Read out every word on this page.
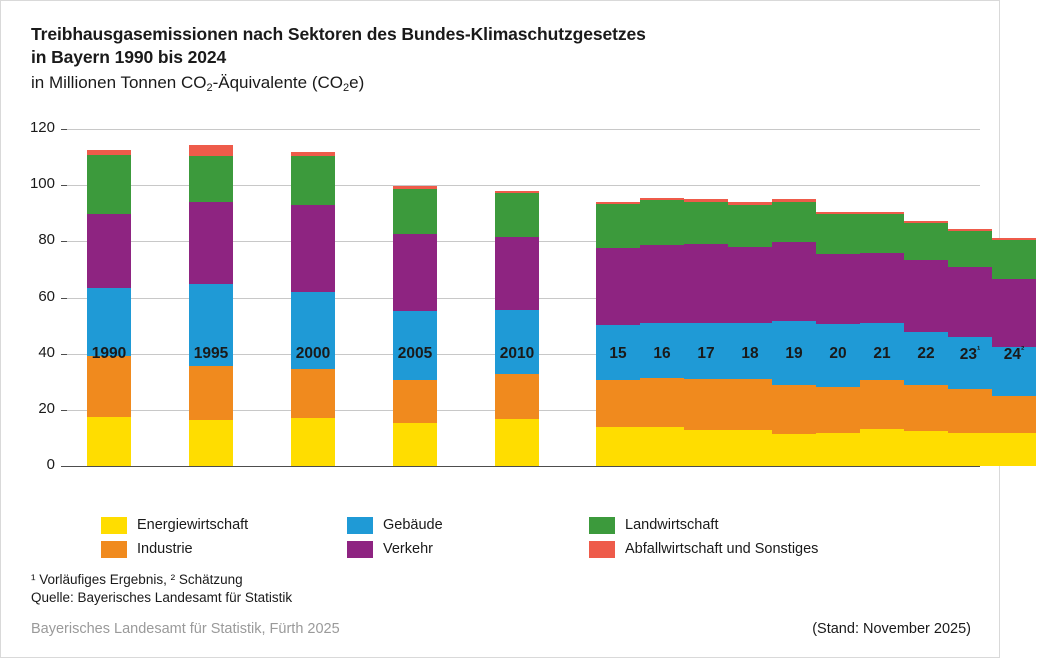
Treibhausgasemissionen nach Sektoren des Bundes-Klimaschutzgesetzes
in Bayern 1990 bis 2024
in Millionen Tonnen $CO_2$-Äquivalente $(CO_2e)$
0
20
40
60
80
100
120
1990	1995	2000	2005	2010	15	16	17	18	19	20	21	22	$23^{^1}$	$24^{^2}$
Energiewirtschaft
Industrie
Gebäude
Verkehr
Landwirtschaft
Abfallwirtschaft und Sonstiges
¹ Vorläufiges Ergebnis, ² Schätzung
Quelle: Bayerisches Landesamt für Statistik
Bayerisches Landesamt für Statistik, Fürth 2025	(Stand: November 2025)
